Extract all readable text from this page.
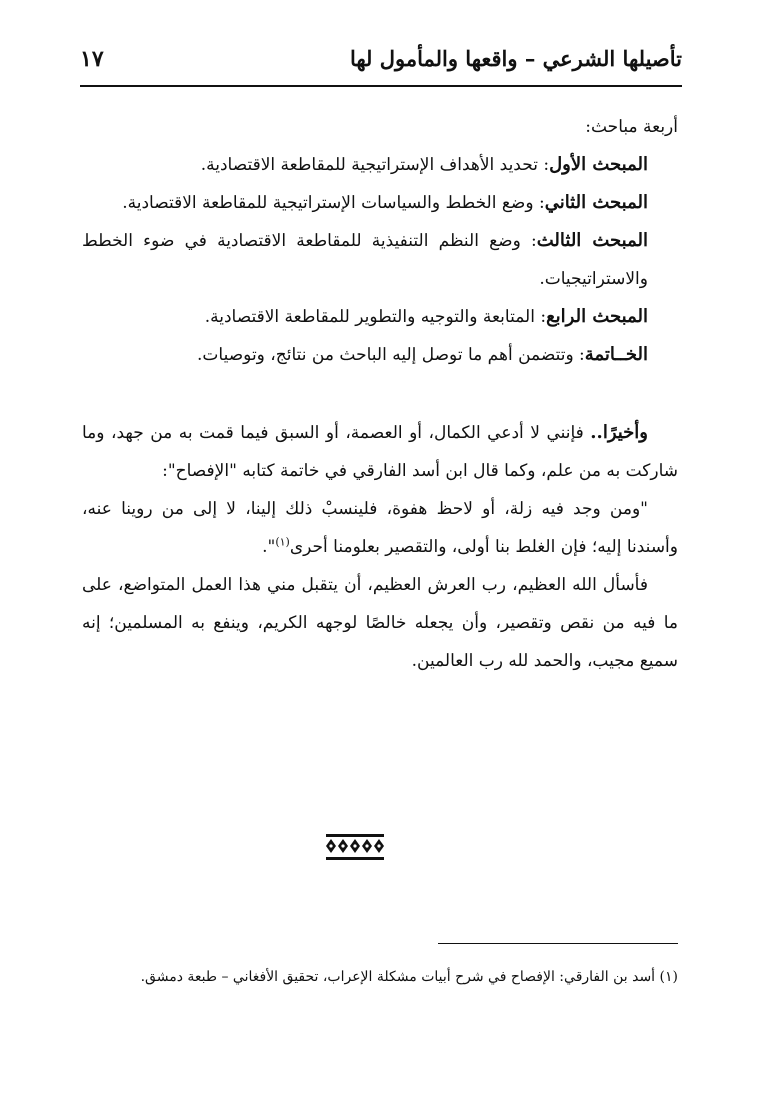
تأصيلها الشرعي – واقعها والمأمول لها
١٧

أربعة مباحث:

المبحث الأول: تحديد الأهداف الإستراتيجية للمقاطعة الاقتصادية.

المبحث الثاني: وضع الخطط والسياسات الإستراتيجية للمقاطعة الاقتصادية.

المبحث الثالث: وضع النظم التنفيذية للمقاطعة الاقتصادية في ضوء الخطط والاستراتيجيات.

المبحث الرابع: المتابعة والتوجيه والتطوير للمقاطعة الاقتصادية.

الخــاتمة: وتتضمن أهم ما توصل إليه الباحث من نتائج، وتوصيات.

وأخيرًا.. فإنني لا أدعي الكمال، أو العصمة، أو السبق فيما قمت به من جهد، وما شاركت به من علم، وكما قال ابن أسد الفارقي في خاتمة كتابه "الإفصاح":

"ومن وجد فيه زلة، أو لاحظ هفوة، فلينسبْ ذلك إلينا، لا إلى من روينا عنه، وأسندنا إليه؛ فإن الغلط بنا أولى، والتقصير بعلومنا أحرى$^{(١)}$".

فأسأل الله العظيم، رب العرش العظيم، أن يتقبل مني هذا العمل المتواضع، على ما فيه من نقص وتقصير، وأن يجعله خالصًا لوجهه الكريم، وينفع به المسلمين؛ إنه سميع مجيب، والحمد لله رب العالمين.

(١) أسد بن الفارقي: الإفصاح في شرح أبيات مشكلة الإعراب، تحقيق الأفغاني – طبعة دمشق.
